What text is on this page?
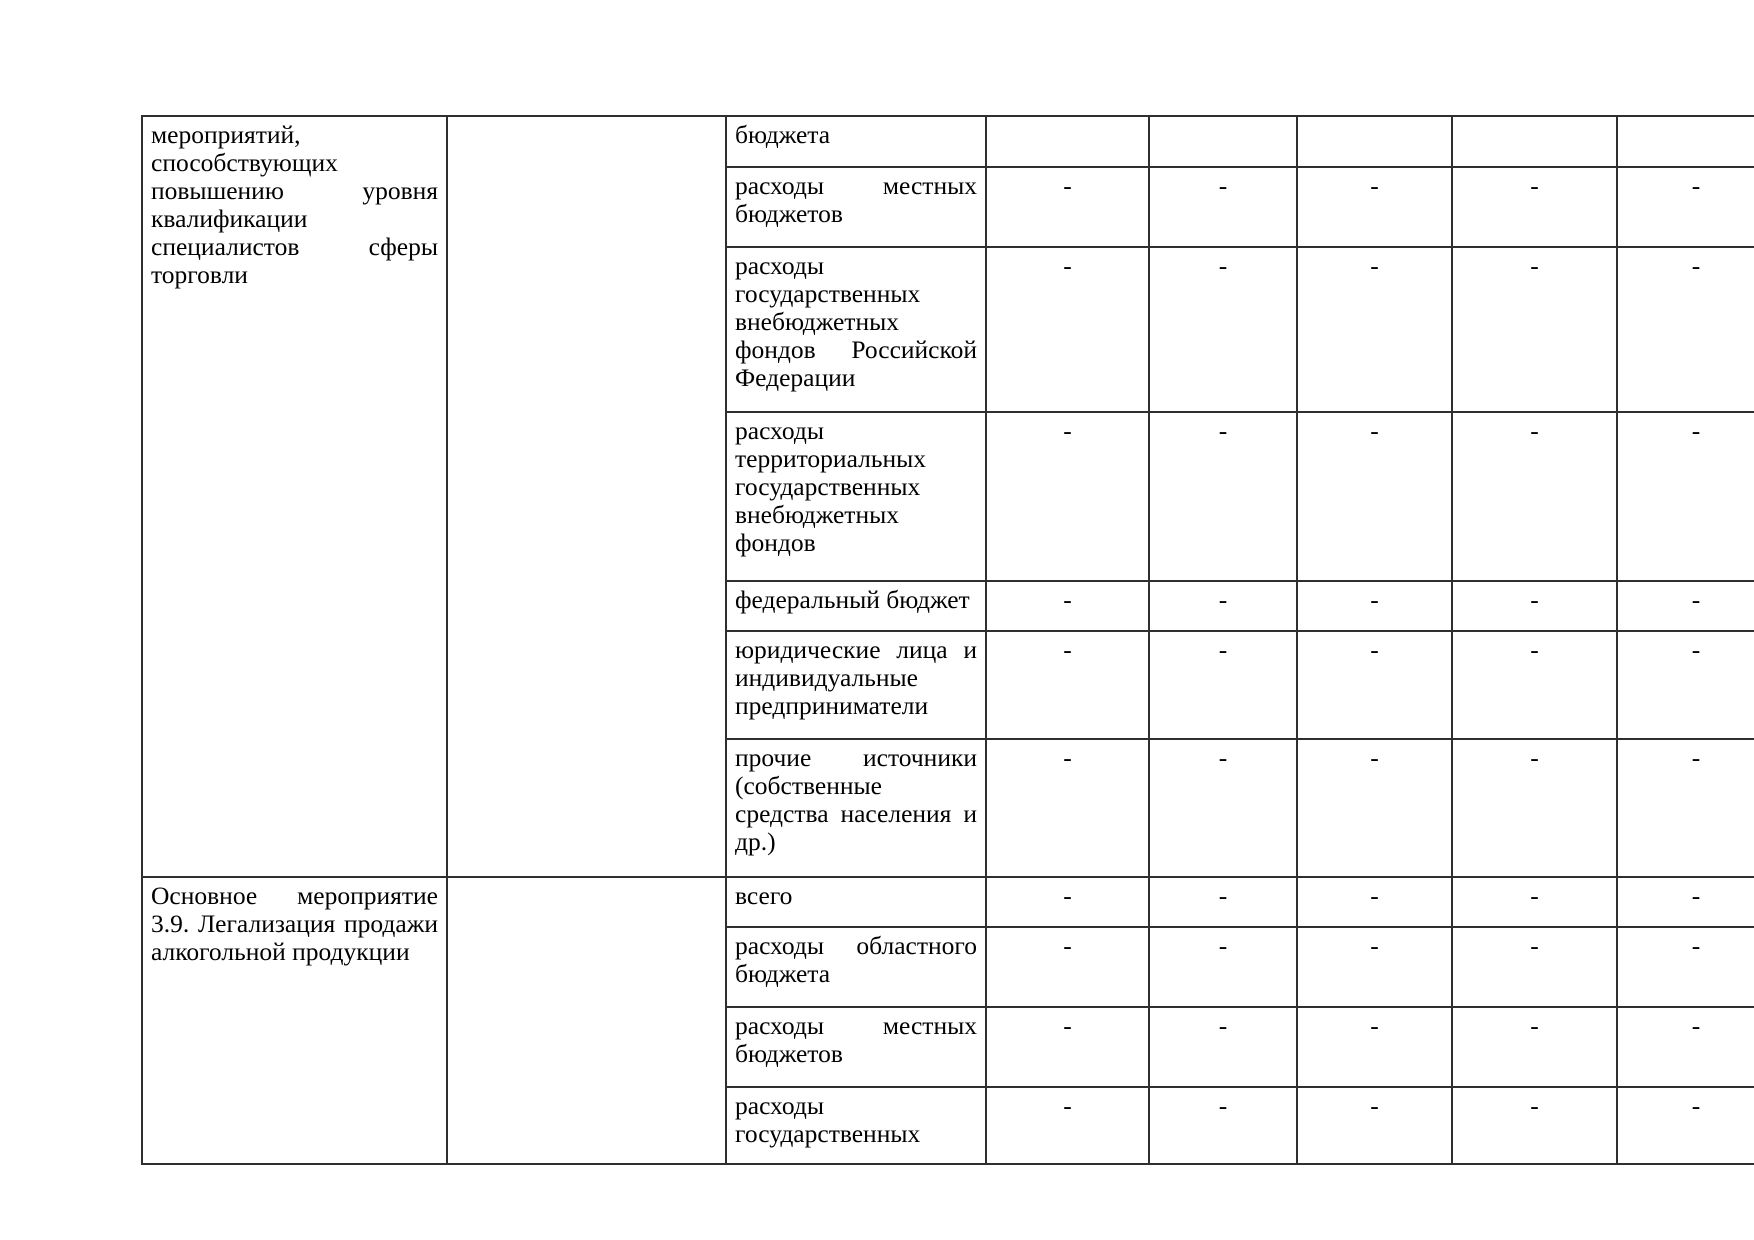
мероприятий, способствующих повышению уровня квалификации специалистов сферы торговли		бюджета					
		расходы местных бюджетов	-	-	-	-	-
		расходы государственных внебюджетных фондов Российской Федерации	-	-	-	-	-
		расходы территориальных государственных внебюджетных фондов	-	-	-	-	-
		федеральный бюджет	-	-	-	-	-
		юридические лица и индивидуальные предприниматели	-	-	-	-	-
		прочие источники (собственные средства населения и др.)	-	-	-	-	-
Основное мероприятие 3.9. Легализация продажи алкогольной продукции		всего	-	-	-	-	-
		расходы областного бюджета	-	-	-	-	-
		расходы местных бюджетов	-	-	-	-	-
		расходы государственных	-	-	-	-	-
